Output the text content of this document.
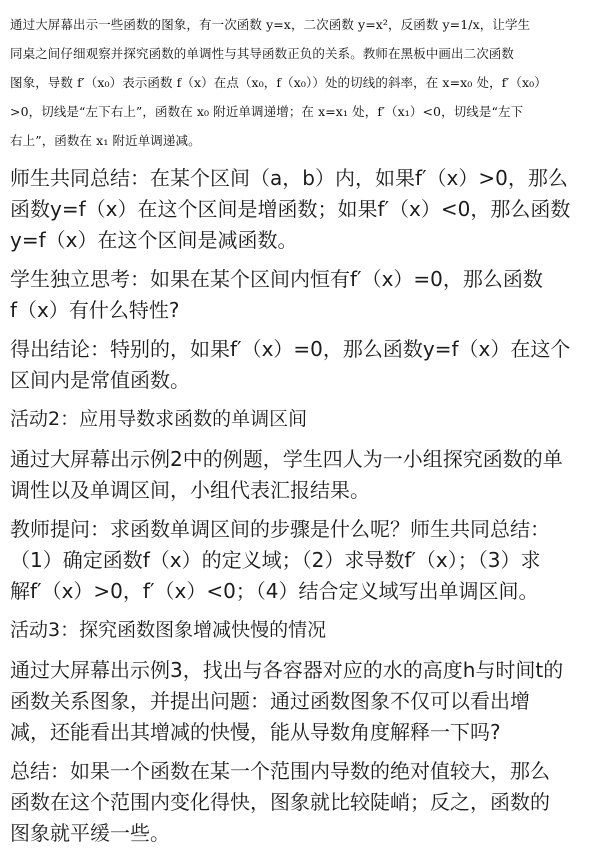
通过大屏幕出示一些函数的图象，有一次函数 y=x，二次函数 y=x²，反函数 y=1/x，让学生
同桌之间仔细观察并探究函数的单调性与其导函数正负的关系。教师在黑板中画出二次函数
图象，导数 f′（x₀）表示函数 f（x）在点（x₀，f（x₀））处的切线的斜率，在 x=x₀ 处，f′（x₀）
>0，切线是“左下右上”，函数在 x₀ 附近单调递增；在 x=x₁ 处，f′（x₁）<0，切线是“左下
右上”，函数在 x₁ 附近单调递减。
师生共同总结：在某个区间（a，b）内，如果f′（x）>0，那么
函数y=f（x）在这个区间是增函数；如果f′（x）<0，那么函数
y=f（x）在这个区间是减函数。
学生独立思考：如果在某个区间内恒有f′（x）=0，那么函数
f（x）有什么特性?
得出结论：特别的，如果f′（x）=0，那么函数y=f（x）在这个
区间内是常值函数。
活动2：应用导数求函数的单调区间
通过大屏幕出示例2中的例题，学生四人为一小组探究函数的单
调性以及单调区间，小组代表汇报结果。
教师提问：求函数单调区间的步骤是什么呢？师生共同总结：
（1）确定函数f（x）的定义域；（2）求导数f′（x）；（3）求
解f′（x）>0，f′（x）<0；（4）结合定义域写出单调区间。
活动3：探究函数图象增减快慢的情况
通过大屏幕出示例3，找出与各容器对应的水的高度h与时间t的
函数关系图象，并提出问题：通过函数图象不仅可以看出增
减，还能看出其增减的快慢，能从导数角度解释一下吗?
总结：如果一个函数在某一个范围内导数的绝对值较大，那么
函数在这个范围内变化得快，图象就比较陡峭；反之，函数的
图象就平缓一些。
